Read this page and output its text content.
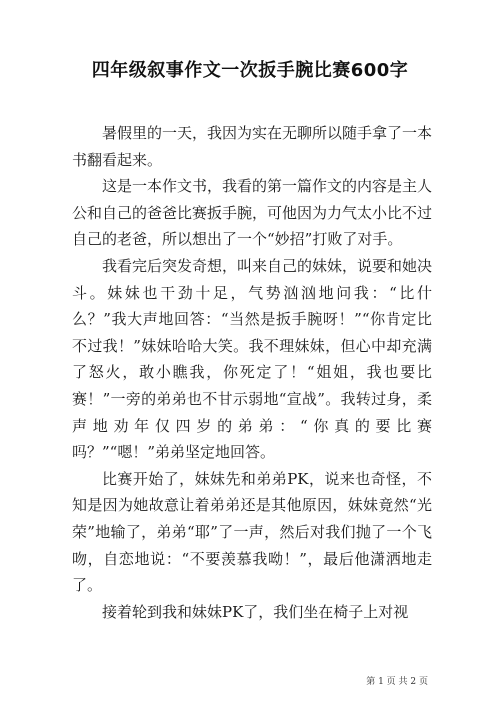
四年级叙事作文一次扳手腕比赛600字

暑假里的一天，我因为实在无聊所以随手拿了一本书翻看起来。

这是一本作文书，我看的第一篇作文的内容是主人公和自己的爸爸比赛扳手腕，可他因为力气太小比不过自己的老爸，所以想出了一个“妙招”打败了对手。

我看完后突发奇想，叫来自己的妹妹，说要和她决斗。妹妹也干劲十足，气势汹汹地问我：“比什么？”我大声地回答：“当然是扳手腕呀！”“你肯定比不过我！”妹妹哈哈大笑。我不理妹妹，但心中却充满了怒火，敢小瞧我，你死定了！“姐姐，我也要比赛！”一旁的弟弟也不甘示弱地“宣战”。我转过身，柔声地劝年仅四岁的弟弟：“你真的要比赛吗？”“嗯！”弟弟坚定地回答。

比赛开始了，妹妹先和弟弟PK，说来也奇怪，不知是因为她故意让着弟弟还是其他原因，妹妹竟然“光荣”地输了，弟弟“耶”了一声，然后对我们抛了一个飞吻，自恋地说：“不要羡慕我呦！”，最后他潇洒地走了。

接着轮到我和妹妹PK了，我们坐在椅子上对视

第 1 页 共 2 页
